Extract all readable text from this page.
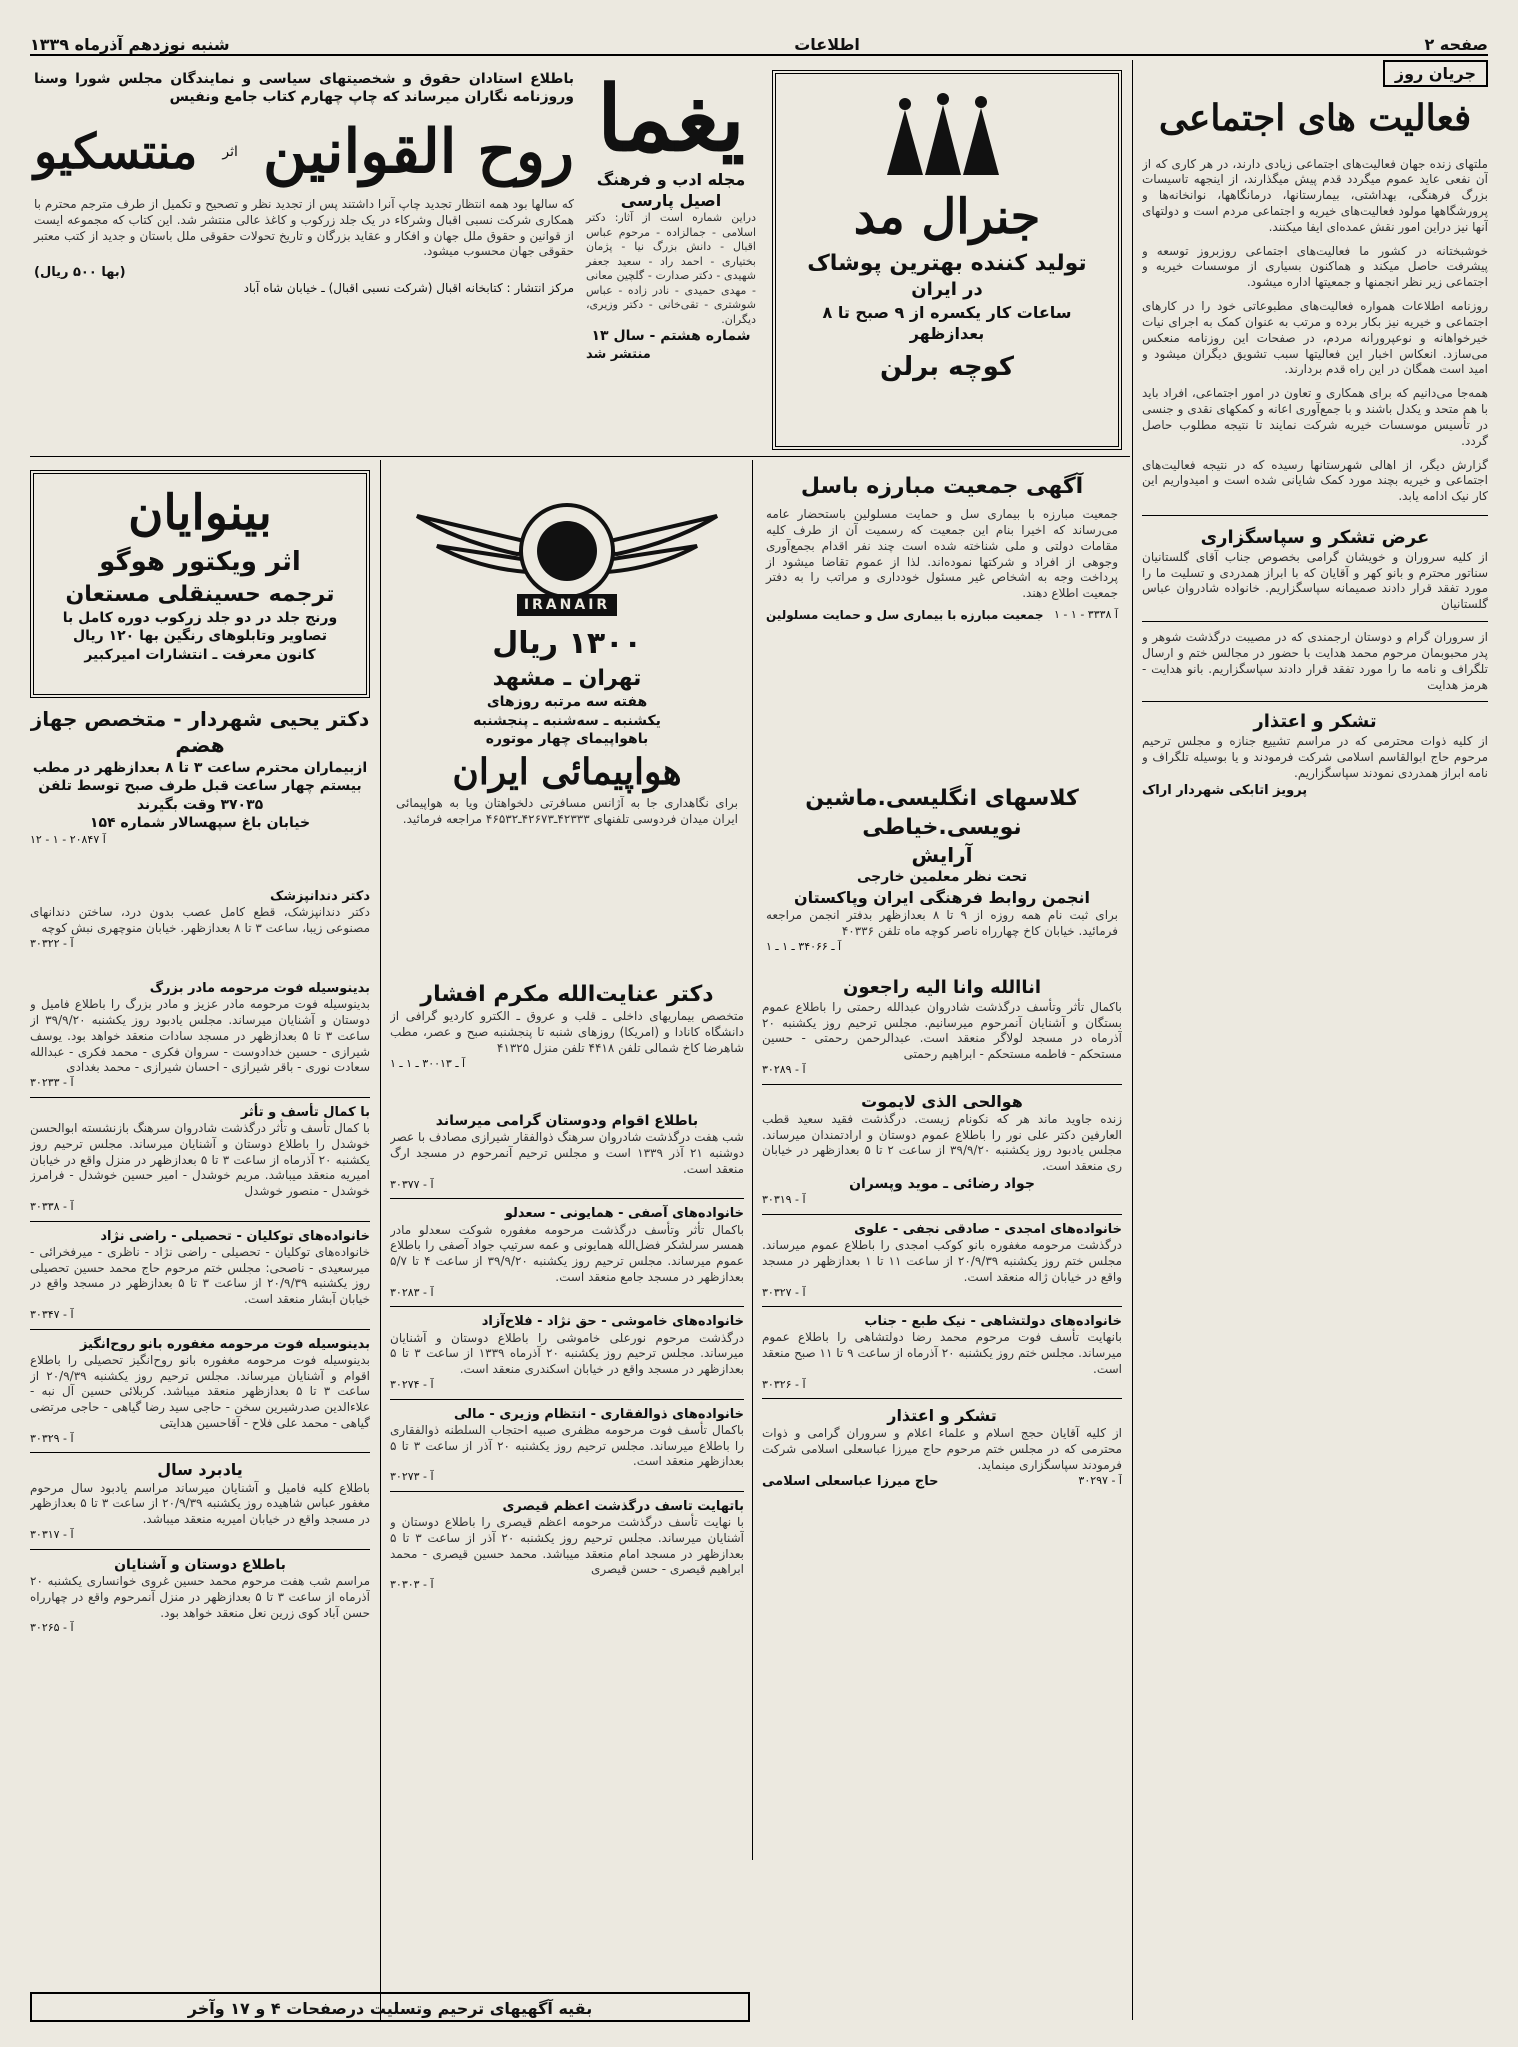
صفحه ۲
اطلاعات
شنبه نوزدهم آذرماه ۱۳۳۹
جریان روز
فعالیت های اجتماعی
ملتهای زنده جهان فعالیت‌های اجتماعی زیادی دارند، در هر کاری که از آن نفعی عاید عموم میگردد قدم پیش میگذارند، از اینجهه تاسیسات بزرگ فرهنگی، بهداشتی، بیمارستانها، درمانگاهها، نوانخانه‌ها و پرورشگاهها مولود فعالیت‌های خیریه و اجتماعی مردم است و دولتهای آنها نیز دراین امور نقش عمده‌ای ایفا میکنند.
خوشبختانه در کشور ما فعالیت‌های اجتماعی روزبروز توسعه و پیشرفت حاصل میکند و هماکنون بسیاری از موسسات خیریه و اجتماعی زیر نظر انجمنها و جمعیتها اداره میشود.
روزنامه اطلاعات همواره فعالیت‌های مطبوعاتی خود را در کارهای اجتماعی و خیریه نیز بکار برده و مرتب به عنوان کمک به اجرای نیات خیرخواهانه و نوعپرورانه مردم، در صفحات این روزنامه منعکس می‌سازد. انعکاس اخبار این فعالیتها سبب تشویق دیگران میشود و امید است همگان در این راه قدم بردارند.
همه‌جا می‌دانیم که برای همکاری و تعاون در امور اجتماعی، افراد باید با هم متحد و یکدل باشند و با جمع‌آوری اعانه و کمکهای نقدی و جنسی در تأسیس موسسات خیریه شرکت نمایند تا نتیجه مطلوب حاصل گردد.
گزارش دیگر، از اهالی شهرستانها رسیده که در نتیجه فعالیت‌های اجتماعی و خیریه بچند مورد کمک شایانی شده است و امیدواریم این کار نیک ادامه یابد.
عرض تشکر و سپاسگزاری
از کلیه سروران و خویشان گرامی بخصوص جناب آقای گلستانیان سناتور محترم و بانو کهر و آقایان که با ابراز همدردی و تسلیت ما را مورد تفقد قرار دادند صمیمانه سپاسگزاریم. خانواده شادروان عباس گلستانیان
از سروران گرام و دوستان ارجمندی که در مصیبت درگذشت شوهر و پدر محبوبمان مرحوم محمد هدایت با حضور در مجالس ختم و ارسال تلگراف و نامه ما را مورد تفقد قرار دادند سپاسگزاریم. بانو هدایت - هرمز هدایت
تشکر و اعتذار
از کلیه ذوات محترمی که در مراسم تشییع جنازه و مجلس ترحیم مرحوم حاج ابوالقاسم اسلامی شرکت فرمودند و یا بوسیله تلگراف و نامه ابراز همدردی نمودند سپاسگزاریم.
پرویز اتابکی شهردار اراک
جنرال مد
تولید کننده بهترین پوشاک
در ایران
ساعات کار یکسره از ۹ صبح تا ۸ بعدازظهر
کوچه برلن
یغما
مجله ادب و فرهنگ
اصیل پارسی
دراین شماره است از آثار: دکتر اسلامی - جمالزاده - مرحوم عباس اقبال - دانش بزرگ نیا - پژمان بختیاری - احمد راد - سعید جعفر شهیدی - دکتر صدارت - گلچین معانی - مهدی حمیدی - نادر زاده - عباس شوشتری - تقی‌خانی - دکتر وزیری، دیگران.
شماره هشتم - سال ۱۳
منتشر شد
باطلاع استادان حقوق و شخصیتهای سیاسی و نمایندگان مجلس شورا وسنا وروزنامه نگاران میرساند که چاپ چهارم کتاب جامع ونفیس
روح القوانین
اثر
منتسکیو
که سالها بود همه انتظار تجدید چاپ آنرا داشتند پس از تجدید نظر و تصحیح و تکمیل از طرف مترجم محترم با همکاری شرکت نسبی اقبال وشرکاء در یک جلد زرکوب و کاغذ عالی منتشر شد. این کتاب که مجموعه ایست از قوانین و حقوق ملل جهان و افکار و عقاید بزرگان و تاریخ تحولات حقوقی ملل باستان و جدید از کتب معتبر حقوقی جهان محسوب میشود.
(بها ۵۰۰ ریال)
مرکز انتشار : کتابخانه اقبال (شرکت نسبی اقبال) ـ خیابان شاه آباد
بینوایان
اثر ویکتور هوگو
ترجمه حسینقلی مستعان
ورنج جلد در دو جلد زرکوب دوره کامل با تصاویر وتابلوهای رنگین بها ۱۲۰ ریال
کانون معرفت ـ انتشارات امیرکبیر
دکتر یحیی شهردار - متخصص جهاز هضم
ازبیماران محترم ساعت ۳ تا ۸ بعدازظهر در مطب بیستم چهار ساعت قبل طرف صبح توسط تلفن ۳۷۰۳۵ وقت بگیرند
خیابان باغ سپهسالار شماره ۱۵۴
آ ۲۰۸۴۷ - ۱ - ۱۲
دکتر دندانپزشک
دکتر دندانپزشک، قطع کامل عصب بدون درد، ساختن دندانهای مصنوعی زیبا، ساعت ۳ تا ۸ بعدازظهر. خیابان منوچهری نبش کوچه
آ - ۳۰۳۲۲
بدینوسیله فوت مرحومه مادر بزرگ
بدینوسیله فوت مرحومه مادر عزیز و مادر بزرگ را باطلاع فامیل و دوستان و آشنایان میرساند. مجلس یادبود روز یکشنبه ۳۹/۹/۲۰ از ساعت ۳ تا ۵ بعدازظهر در مسجد سادات منعقد خواهد بود. یوسف شیرازی - حسین خدادوست - سروان فکری - محمد فکری - عبدالله سعادت نوری - باقر شیرازی - احسان شیرازی - محمد بغدادی
آ - ۳۰۲۳۳
با کمال تأسف و تأثر
با کمال تأسف و تأثر درگذشت شادروان سرهنگ بازنشسته ابوالحسن خوشدل را باطلاع دوستان و آشنایان میرساند. مجلس ترحیم روز یکشنبه ۲۰ آذرماه از ساعت ۳ تا ۵ بعدازظهر در منزل واقع در خیابان امیریه منعقد میباشد. مریم خوشدل - امیر حسین خوشدل - فرامرز خوشدل - منصور خوشدل
آ - ۳۰۳۳۸
خانواده‌های توکلیان - تحصیلی - راضی نژاد
خانواده‌های توکلیان - تحصیلی - راضی نژاد - ناظری - میرفخرائی - میرسعیدی - ناصحی: مجلس ختم مرحوم حاج محمد حسین تحصیلی روز یکشنبه ۲۰/۹/۳۹ از ساعت ۳ تا ۵ بعدازظهر در مسجد واقع در خیابان آبشار منعقد است.
آ - ۳۰۳۴۷
بدینوسیله فوت مرحومه مغفوره بانو روح‌انگیز
بدینوسیله فوت مرحومه مغفوره بانو روح‌انگیز تحصیلی را باطلاع اقوام و آشنایان میرساند. مجلس ترحیم روز یکشنبه ۲۰/۹/۳۹ از ساعت ۳ تا ۵ بعدازظهر منعقد میباشد. کربلائی حسین آل نبه - علاءالدین صدرشیرین سخن - حاجی سید رضا گیاهی - حاجی مرتضی گیاهی - محمد علی فلاح - آقاحسین هدایتی
آ - ۳۰۳۲۹
یادبرد سال
باطلاع کلیه فامیل و آشنایان میرساند مراسم یادبود سال مرحوم مغفور عباس شاهیده روز یکشنبه ۲۰/۹/۳۹ از ساعت ۳ تا ۵ بعدازظهر در مسجد واقع در خیابان امیریه منعقد میباشد.
آ - ۳۰۳۱۷
باطلاع دوستان و آشنایان
مراسم شب هفت مرحوم محمد حسین غروی خوانساری یکشنبه ۲۰ آذرماه از ساعت ۳ تا ۵ بعدازظهر در منزل آنمرحوم واقع در چهارراه حسن آباد کوی زرین نعل منعقد خواهد بود.
آ - ۳۰۲۶۵
بقیه آگهیهای ترحیم وتسلیت درصفحات ۴ و ۱۷ وآخر
IRANAIR
۱۳۰۰ ریال
تهران ـ مشهد
هفته سه مرتبه روزهای
یکشنبه ـ سه‌شنبه ـ پنجشنبه
باهواپیمای چهار موتوره
هواپیمائی ایران
برای نگاهداری جا به آژانس مسافرتی دلخواهتان ویا به هواپیمائی ایران میدان فردوسی تلفنهای ۴۲۳۳۳ـ۴۲۶۷۳ـ۴۶۵۳۲ مراجعه فرمائید.
دکتر عنایت‌الله مکرم افشار
متخصص بیماریهای داخلی ـ قلب و عروق ـ الکترو کاردیو گرافی از دانشگاه کانادا و (امریکا) روزهای شنبه تا پنجشنبه صبح و عصر، مطب شاهرضا کاخ شمالی تلفن ۴۴۱۸ تلفن منزل ۴۱۳۲۵
آ ـ ۳۰۰۱۳ ـ ۱ ـ ۱
باطلاع اقوام ودوستان گرامی میرساند
شب هفت درگذشت شادروان سرهنگ ذوالفقار شیرازی مصادف با عصر دوشنبه ۲۱ آذر ۱۳۳۹ است و مجلس ترحیم آنمرحوم در مسجد ارگ منعقد است.
آ - ۳۰۳۷۷
خانواده‌های آصفی - همایونی - سعدلو
باکمال تأثر وتأسف درگذشت مرحومه مغفوره شوکت سعدلو مادر همسر سرلشکر فضل‌الله همایونی و عمه سرتیپ جواد آصفی را باطلاع عموم میرساند. مجلس ترحیم روز یکشنبه ۳۹/۹/۲۰ از ساعت ۴ تا ۵/۷ بعدازظهر در مسجد جامع منعقد است.
آ - ۳۰۲۸۳
خانواده‌های خاموشی - حق نژاد - فلاح‌آزاد
درگذشت مرحوم نورعلی خاموشی را باطلاع دوستان و آشنایان میرساند. مجلس ترحیم روز یکشنبه ۲۰ آذرماه ۱۳۳۹ از ساعت ۳ تا ۵ بعدازظهر در مسجد واقع در خیابان اسکندری منعقد است.
آ - ۳۰۲۷۴
خانواده‌های ذوالفقاری - انتظام وزیری - مالی
باکمال تأسف فوت مرحومه مظفری صبیه احتجاب السلطنه ذوالفقاری را باطلاع میرساند. مجلس ترحیم روز یکشنبه ۲۰ آذر از ساعت ۳ تا ۵ بعدازظهر منعقد است.
آ - ۳۰۲۷۳
باتهایت تاسف درگذشت اعظم قیصری
با نهایت تأسف درگذشت مرحومه اعظم قیصری را باطلاع دوستان و آشنایان میرساند. مجلس ترحیم روز یکشنبه ۲۰ آذر از ساعت ۳ تا ۵ بعدازظهر در مسجد امام منعقد میباشد. محمد حسین قیصری - محمد ابراهیم قیصری - حسن قیصری
آ - ۳۰۳۰۳
آگهی جمعیت مبارزه باسل
جمعیت مبارزه با بیماری سل و حمایت مسلولین باستحضار عامه می‌رساند که اخیرا بنام این جمعیت که رسمیت آن از طرف کلیه مقامات دولتی و ملی شناخته شده است چند نفر اقدام بجمع‌آوری وجوهی از افراد و شرکتها نموده‌اند. لذا از عموم تقاضا میشود از پرداخت وجه به اشخاص غیر مسئول خودداری و مراتب را به دفتر جمعیت اطلاع دهند.
آ ۳۳۳۸ - ۱ - ۱
جمعیت مبارزه با بیماری سل و حمایت مسلولین
کلاسهای انگلیسی.ماشین نویسی.خیاطی
آرایش
تحت نظر معلمین خارجی
انجمن روابط فرهنگی ایران وپاکستان
برای ثبت نام همه روزه از ۹ تا ۸ بعدازظهر بدفتر انجمن مراجعه فرمائید. خیابان کاخ چهارراه ناصر کوچه ماه تلفن ۴۰۳۳۶
آ ـ ۳۴۰۶۶ ـ ۱ ـ ۱
اناالله وانا الیه راجعون
باکمال تأثر وتأسف درگذشت شادروان عبدالله رحمتی را باطلاع عموم بستگان و آشنایان آنمرحوم میرسانیم. مجلس ترحیم روز یکشنبه ۲۰ آذرماه در مسجد لولاگر منعقد است. عبدالرحمن رحمتی - حسین مستحکم - فاطمه مستحکم - ابراهیم رحمتی
آ - ۳۰۲۸۹
هوالحی الذی لایموت
زنده جاوید ماند هر که نکونام زیست. درگذشت فقید سعید قطب العارفین دکتر علی نور را باطلاع عموم دوستان و ارادتمندان میرساند. مجلس یادبود روز یکشنبه ۳۹/۹/۲۰ از ساعت ۲ تا ۵ بعدازظهر در خیابان ری منعقد است.
جواد رضائی ـ موید وپسران
آ - ۳۰۳۱۹
خانواده‌های امجدی - صادقی نجفی - علوی
درگذشت مرحومه مغفوره بانو کوکب امجدی را باطلاع عموم میرساند. مجلس ختم روز یکشنبه ۲۰/۹/۳۹ از ساعت ۱۱ تا ۱ بعدازظهر در مسجد واقع در خیابان ژاله منعقد است.
آ - ۳۰۳۲۷
خانواده‌های دولتشاهی - نیک طبع - جناب
بانهایت تأسف فوت مرحوم محمد رضا دولتشاهی را باطلاع عموم میرساند. مجلس ختم روز یکشنبه ۲۰ آذرماه از ساعت ۹ تا ۱۱ صبح منعقد است.
آ - ۳۰۳۲۶
تشکر و اعتذار
از کلیه آقایان حجج اسلام و علماء اعلام و سروران گرامی و ذوات محترمی که در مجلس ختم مرحوم حاج میرزا عباسعلی اسلامی شرکت فرمودند سپاسگزاری مینماید.
آ - ۳۰۲۹۷
حاج میرزا عباسعلی اسلامی
